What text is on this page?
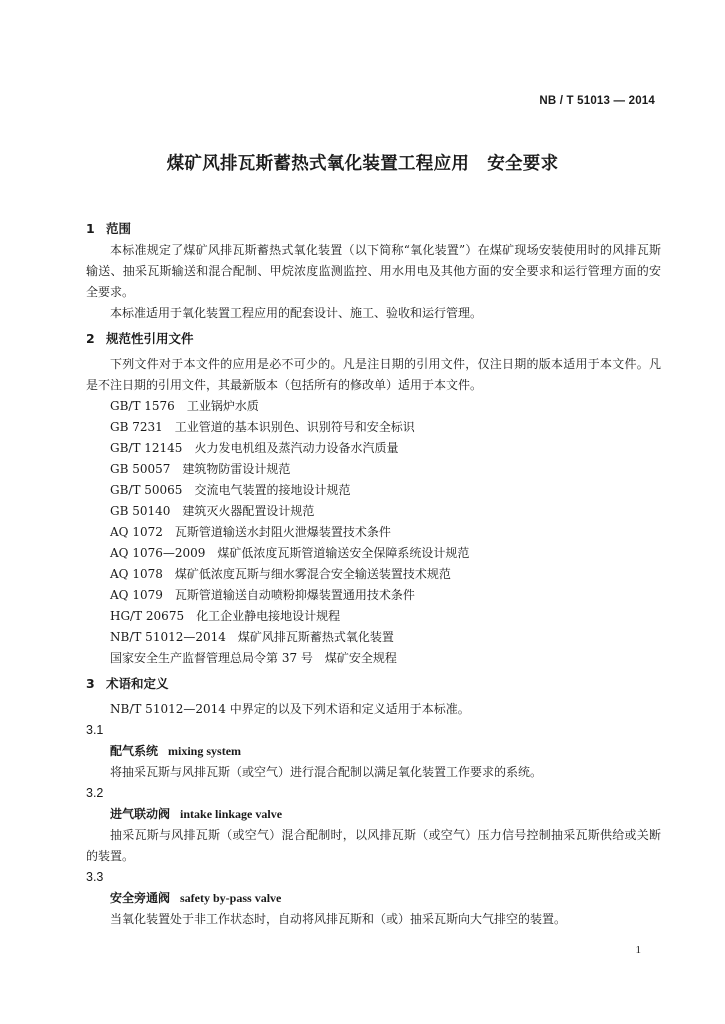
NB / T 51013 — 2014
煤矿风排瓦斯蓄热式氧化装置工程应用 安全要求
1 范围

本标准规定了煤矿风排瓦斯蓄热式氧化装置（以下简称“氧化装置”）在煤矿现场安装使用时的风排瓦斯输送、抽采瓦斯输送和混合配制、甲烷浓度监测监控、用水用电及其他方面的安全要求和运行管理方面的安全要求。

本标准适用于氧化装置工程应用的配套设计、施工、验收和运行管理。

2 规范性引用文件

下列文件对于本文件的应用是必不可少的。凡是注日期的引用文件，仅注日期的版本适用于本文件。凡是不注日期的引用文件，其最新版本（包括所有的修改单）适用于本文件。

GB/T 1576 工业锅炉水质
GB 7231 工业管道的基本识别色、识别符号和安全标识
GB/T 12145 火力发电机组及蒸汽动力设备水汽质量
GB 50057 建筑物防雷设计规范
GB/T 50065 交流电气装置的接地设计规范
GB 50140 建筑灭火器配置设计规范
AQ 1072 瓦斯管道输送水封阻火泄爆装置技术条件
AQ 1076—2009 煤矿低浓度瓦斯管道输送安全保障系统设计规范
AQ 1078 煤矿低浓度瓦斯与细水雾混合安全输送装置技术规范
AQ 1079 瓦斯管道输送自动喷粉抑爆装置通用技术条件
HG/T 20675 化工企业静电接地设计规程
NB/T 51012—2014 煤矿风排瓦斯蓄热式氧化装置
国家安全生产监督管理总局令第 37 号 煤矿安全规程
3 术语和定义

NB/T 51012—2014 中界定的以及下列术语和定义适用于本标准。

3.1
配气系统 mixing system

将抽采瓦斯与风排瓦斯（或空气）进行混合配制以满足氧化装置工作要求的系统。

3.2
进气联动阀 intake linkage valve

抽采瓦斯与风排瓦斯（或空气）混合配制时，以风排瓦斯（或空气）压力信号控制抽采瓦斯供给或关断的装置。

3.3
安全旁通阀 safety by-pass valve

当氧化装置处于非工作状态时，自动将风排瓦斯和（或）抽采瓦斯向大气排空的装置。

1
